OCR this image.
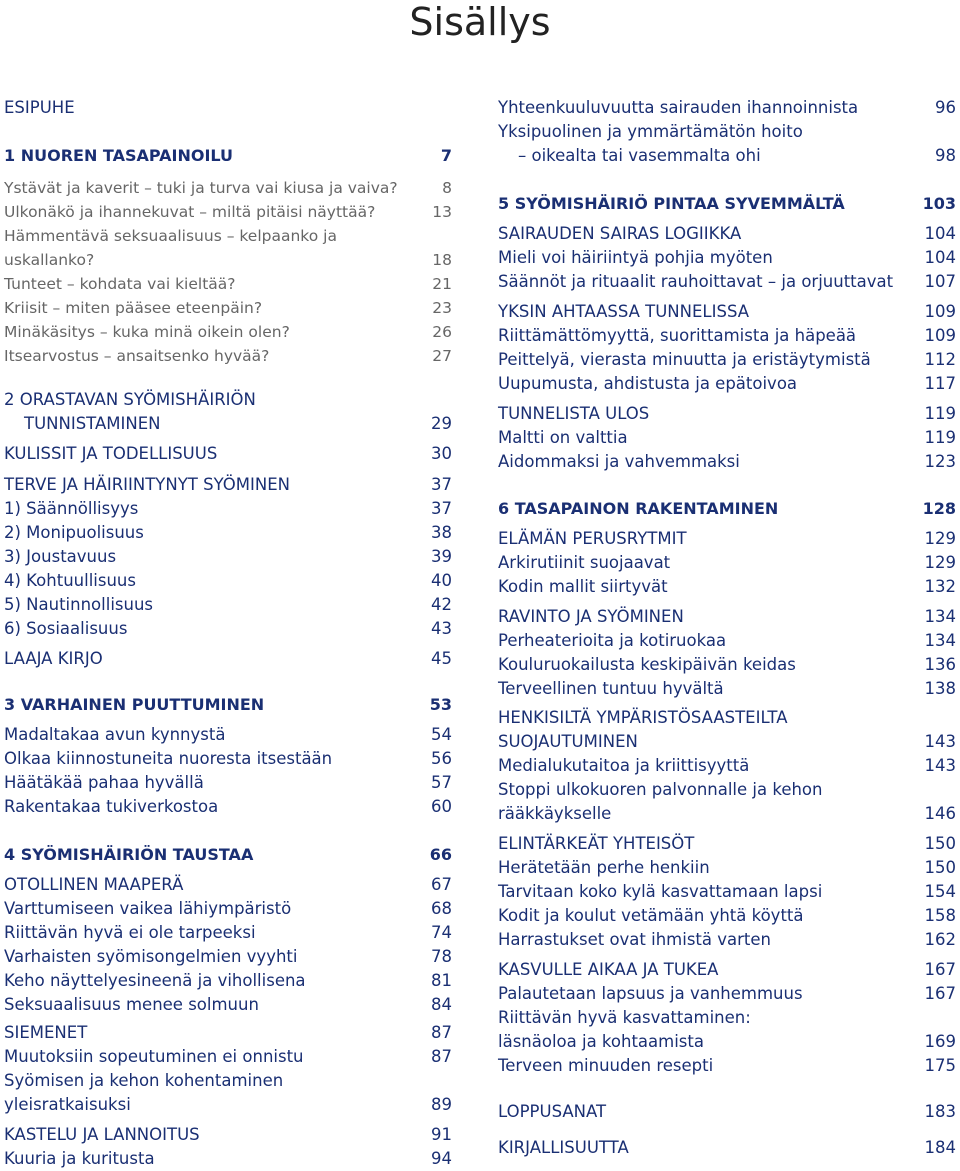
Sisällys
ESIPUHE
1 NUOREN TASAPAINOILU	7
Ystävät ja kaverit – tuki ja turva vai kiusa ja vaiva?	8
Ulkonäkö ja ihannekuvat – miltä pitäisi näyttää?	13
Hämmentävä seksuaalisuus – kelpaanko ja
uskallanko?	18
Tunteet – kohdata vai kieltää?	21
Kriisit – miten pääsee eteenpäin?	23
Minäkäsitys – kuka minä oikein olen?	26
Itsearvostus – ansaitsenko hyvää?	27
2 ORASTAVAN SYÖMISHÄIRIÖN
TUNNISTAMINEN	29
KULISSIT JA TODELLISUUS	30
TERVE JA HÄIRIINTYNYT SYÖMINEN	37
1) Säännöllisyys	37
2) Monipuolisuus	38
3) Joustavuus	39
4) Kohtuullisuus	40
5) Nautinnollisuus	42
6) Sosiaalisuus	43
LAAJA KIRJO	45
3 VARHAINEN PUUTTUMINEN	53
Madaltakaa avun kynnystä	54
Olkaa kiinnostuneita nuoresta itsestään	56
Häätäkää pahaa hyvällä	57
Rakentakaa tukiverkostoa	60
4 SYÖMISHÄIRIÖN TAUSTAA	66
OTOLLINEN MAAPERÄ	67
Varttumiseen vaikea lähiympäristö	68
Riittävän hyvä ei ole tarpeeksi	74
Varhaisten syömisongelmien vyyhti	78
Keho näyttelyesineenä ja vihollisena	81
Seksuaalisuus menee solmuun	84
SIEMENET	87
Muutoksiin sopeutuminen ei onnistu	87
Syömisen ja kehon kohentaminen
yleisratkaisuksi	89
KASTELU JA LANNOITUS	91
Kuuria ja kuritusta	94
Yhteenkuuluvuutta sairauden ihannoinnista	96
Yksipuolinen ja ymmärtämätön hoito
– oikealta tai vasemmalta ohi	98
5 SYÖMISHÄIRIÖ PINTAA SYVEMMÄLTÄ	103
SAIRAUDEN SAIRAS LOGIIKKA	104
Mieli voi häiriintyä pohjia myöten	104
Säännöt ja rituaalit rauhoittavat – ja orjuuttavat	107
YKSIN AHTAASSA TUNNELISSA	109
Riittämättömyyttä, suorittamista ja häpeää	109
Peittelyä, vierasta minuutta ja eristäytymistä	112
Uupumusta, ahdistusta ja epätoivoa	117
TUNNELISTA ULOS	119
Maltti on valttia	119
Aidommaksi ja vahvemmaksi	123
6 TASAPAINON RAKENTAMINEN	128
ELÄMÄN PERUSRYTMIT	129
Arkirutiinit suojaavat	129
Kodin mallit siirtyvät	132
RAVINTO JA SYÖMINEN	134
Perheaterioita ja kotiruokaa	134
Kouluruokailusta keskipäivän keidas	136
Terveellinen tuntuu hyvältä	138
HENKISILTÄ YMPÄRISTÖSAASTEILTA
SUOJAUTUMINEN	143
Medialukutaitoa ja kriittisyyttä	143
Stoppi ulkokuoren palvonnalle ja kehon
rääkkäykselle	146
ELINTÄRKEÄT YHTEISÖT	150
Herätetään perhe henkiin	150
Tarvitaan koko kylä kasvattamaan lapsi	154
Kodit ja koulut vetämään yhtä köyttä	158
Harrastukset ovat ihmistä varten	162
KASVULLE AIKAA JA TUKEA	167
Palautetaan lapsuus ja vanhemmuus	167
Riittävän hyvä kasvattaminen:
läsnäoloa ja kohtaamista	169
Terveen minuuden resepti	175
LOPPUSANAT	183
KIRJALLISUUTTA	184
